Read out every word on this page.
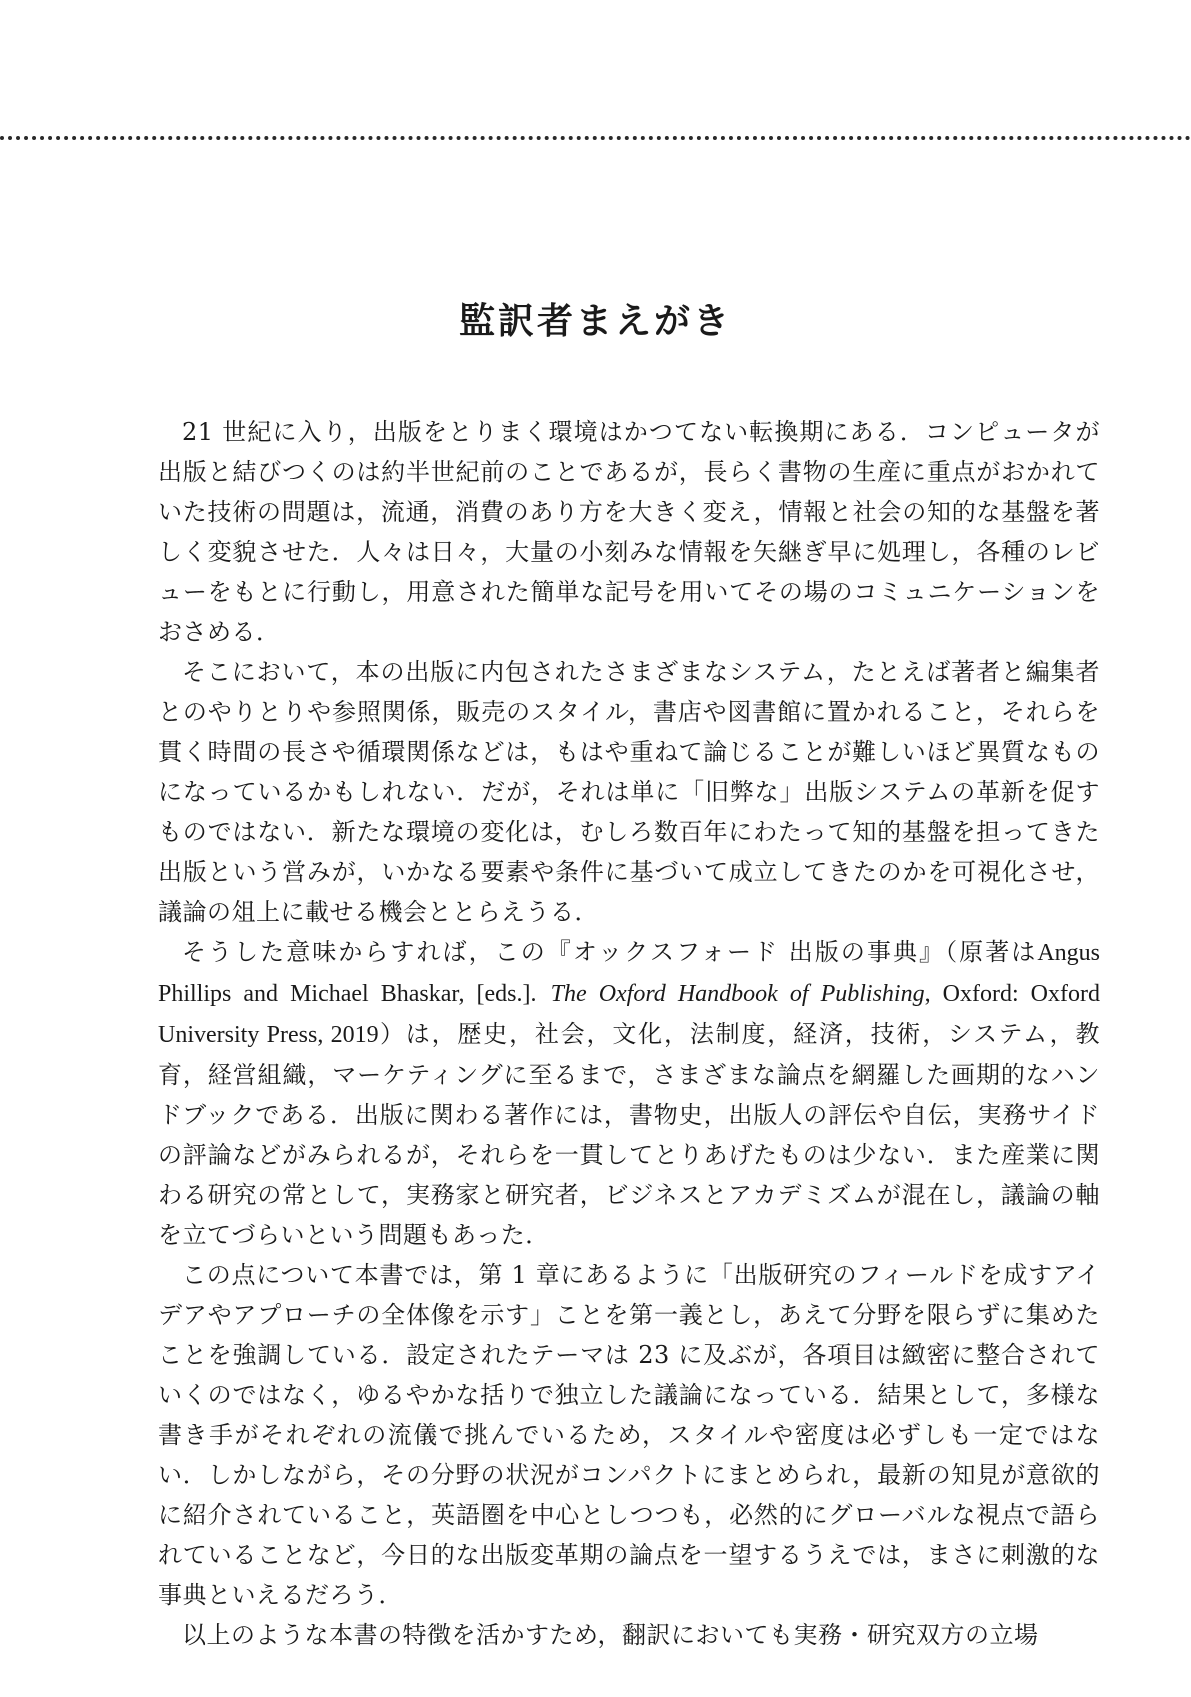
監訳者まえがき

21 世紀に入り，出版をとりまく環境はかつてない転換期にある．コンピュータが出版と結びつくのは約半世紀前のことであるが，長らく書物の生産に重点がおかれていた技術の問題は，流通，消費のあり方を大きく変え，情報と社会の知的な基盤を著しく変貌させた．人々は日々，大量の小刻みな情報を矢継ぎ早に処理し，各種のレビューをもとに行動し，用意された簡単な記号を用いてその場のコミュニケーションをおさめる．

そこにおいて，本の出版に内包されたさまざまなシステム，たとえば著者と編集者とのやりとりや参照関係，販売のスタイル，書店や図書館に置かれること，それらを貫く時間の長さや循環関係などは，もはや重ねて論じることが難しいほど異質なものになっているかもしれない．だが，それは単に「旧弊な」出版システムの革新を促すものではない．新たな環境の変化は，むしろ数百年にわたって知的基盤を担ってきた出版という営みが，いかなる要素や条件に基づいて成立してきたのかを可視化させ，議論の俎上に載せる機会ととらえうる．

そうした意味からすれば，この『オックスフォード 出版の事典』（原著はAngus Phillips and Michael Bhaskar, [eds.]. The Oxford Handbook of Publishing, Oxford: Oxford University Press, 2019）は，歴史，社会，文化，法制度，経済，技術，システム，教育，経営組織，マーケティングに至るまで，さまざまな論点を網羅した画期的なハンドブックである．出版に関わる著作には，書物史，出版人の評伝や自伝，実務サイドの評論などがみられるが，それらを一貫してとりあげたものは少ない．また産業に関わる研究の常として，実務家と研究者，ビジネスとアカデミズムが混在し，議論の軸を立てづらいという問題もあった．

この点について本書では，第 1 章にあるように「出版研究のフィールドを成すアイデアやアプローチの全体像を示す」ことを第一義とし，あえて分野を限らずに集めたことを強調している．設定されたテーマは 23 に及ぶが，各項目は緻密に整合されていくのではなく，ゆるやかな括りで独立した議論になっている．結果として，多様な書き手がそれぞれの流儀で挑んでいるため，スタイルや密度は必ずしも一定ではない．しかしながら，その分野の状況がコンパクトにまとめられ，最新の知見が意欲的に紹介されていること，英語圏を中心としつつも，必然的にグローバルな視点で語られていることなど，今日的な出版変革期の論点を一望するうえでは，まさに刺激的な事典といえるだろう．

以上のような本書の特徴を活かすため，翻訳においても実務・研究双方の立場
